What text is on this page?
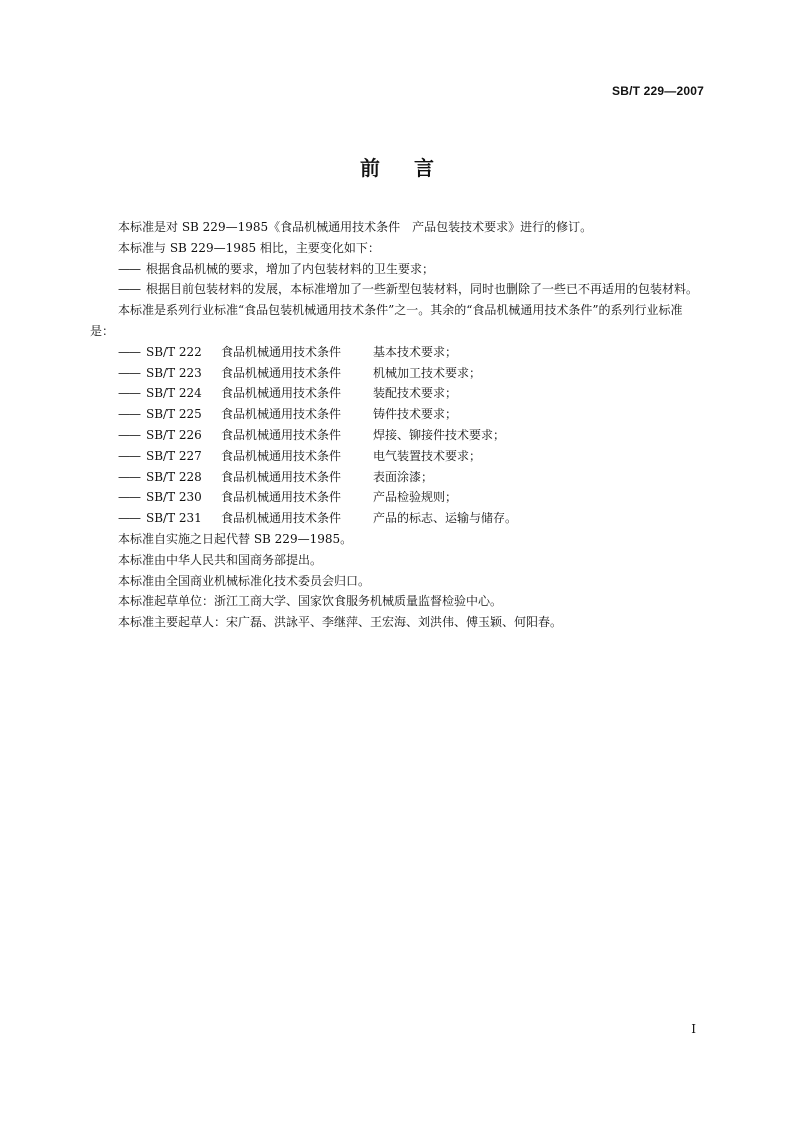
SB/T 229—2007
前言

本标准是对 SB 229—1985《食品机械通用技术条件　产品包装技术要求》进行的修订。

本标准与 SB 229—1985 相比，主要变化如下：

—— 根据食品机械的要求，增加了内包装材料的卫生要求；

—— 根据目前包装材料的发展，本标准增加了一些新型包装材料，同时也删除了一些已不再适用的包装材料。

本标准是系列行业标准“食品包装机械通用技术条件”之一。其余的“食品机械通用技术条件”的系列行业标准是：

—— SB/T 222 食品机械通用技术条件	基本技术要求；

—— SB/T 223 食品机械通用技术条件	机械加工技术要求；

—— SB/T 224 食品机械通用技术条件	装配技术要求；

—— SB/T 225 食品机械通用技术条件	铸件技术要求；

—— SB/T 226 食品机械通用技术条件	焊接、铆接件技术要求；

—— SB/T 227 食品机械通用技术条件	电气装置技术要求；

—— SB/T 228 食品机械通用技术条件	表面涂漆；

—— SB/T 230 食品机械通用技术条件	产品检验规则；

—— SB/T 231 食品机械通用技术条件	产品的标志、运输与储存。

本标准自实施之日起代替 SB 229—1985。

本标准由中华人民共和国商务部提出。

本标准由全国商业机械标准化技术委员会归口。

本标准起草单位：浙江工商大学、国家饮食服务机械质量监督检验中心。

本标准主要起草人：宋广磊、洪詠平、李继萍、王宏海、刘洪伟、傅玉颖、何阳春。

I
